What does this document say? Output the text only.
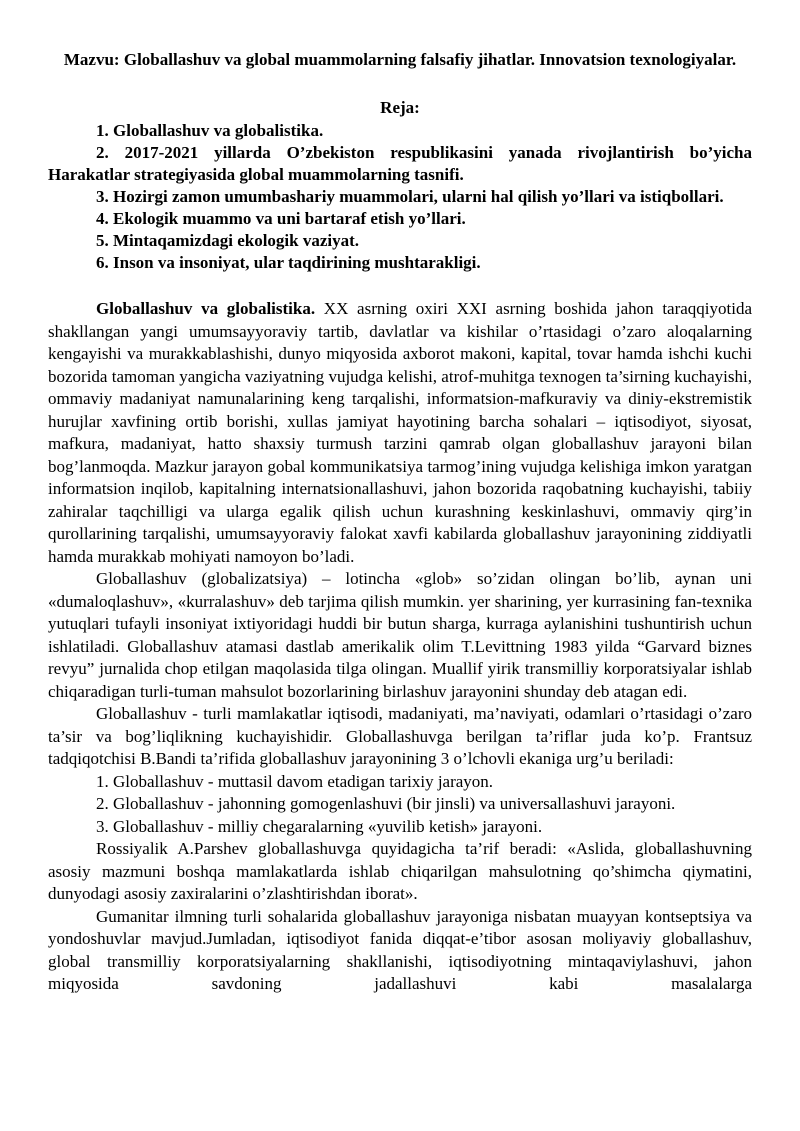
Mazvu: Globallashuv va global muammolarning falsafiy jihatlar. Innovatsion texnologiyalar.

Reja:

1. Globallashuv va globalistika.
2. 2017-2021 yillarda O’zbekiston respublikasini yanada rivojlantirish bo’yicha Harakatlar strategiyasida global muammolarning tasnifi.
3. Hozirgi zamon umumbashariy muammolari, ularni hal qilish yo’llari va istiqbollari.
4. Ekologik muammo va uni bartaraf etish yo’llari.
5. Mintaqamizdagi ekologik vaziyat.
6. Inson va insoniyat, ular taqdirining mushtarakligi.

Globallashuv va globalistika. XX asrning oxiri XXI asrning boshida jahon taraqqiyotida shakllangan yangi umumsayyoraviy tartib, davlatlar va kishilar o’rtasidagi o’zaro aloqalarning kengayishi va murakkablashishi, dunyo miqyosida axborot makoni, kapital, tovar hamda ishchi kuchi bozorida tamoman yangicha vaziyatning vujudga kelishi, atrof-muhitga texnogen ta’sirning kuchayishi, ommaviy madaniyat namunalarining keng tarqalishi, informatsion-mafkuraviy va diniy-ekstremistik hurujlar xavfining ortib borishi, xullas jamiyat hayotining barcha sohalari – iqtisodiyot, siyosat, mafkura, madaniyat, hatto shaxsiy turmush tarzini qamrab olgan globallashuv jarayoni bilan bog’lanmoqda. Mazkur jarayon gobal kommunikatsiya tarmog’ining vujudga kelishiga imkon yaratgan informatsion inqilob, kapitalning internatsionallashuvi, jahon bozorida raqobatning kuchayishi, tabiiy zahiralar taqchilligi va ularga egalik qilish uchun kurashning keskinlashuvi, ommaviy qirg’in qurollarining tarqalishi, umumsayyoraviy falokat xavfi kabilarda globallashuv jarayonining ziddiyatli hamda murakkab mohiyati namoyon bo’ladi.

Globallashuv (globalizatsiya) – lotincha «glob» so’zidan olingan bo’lib, aynan uni «dumaloqlashuv», «kurralashuv» deb tarjima qilish mumkin. yer sharining, yer kurrasining fan-texnika yutuqlari tufayli insoniyat ixtiyoridagi huddi bir butun sharga, kurraga aylanishini tushuntirish uchun ishlatiladi. Globallashuv atamasi dastlab amerikalik olim T.Levittning 1983 yilda “Garvard biznes revyu” jurnalida chop etilgan maqolasida tilga olingan. Muallif yirik transmilliy korporatsiyalar ishlab chiqaradigan turli-tuman mahsulot bozorlarining birlashuv jarayonini shunday deb atagan edi.

Globallashuv - turli mamlakatlar iqtisodi, madaniyati, ma’naviyati, odamlari o’rtasidagi o’zaro ta’sir va bog’liqlikning kuchayishidir. Globallashuvga berilgan ta’riflar juda ko’p. Frantsuz tadqiqotchisi B.Bandi ta’rifida globallashuv jarayonining 3 o’lchovli ekaniga urg’u beriladi:

1. Globallashuv - muttasil davom etadigan tarixiy jarayon.

2. Globallashuv - jahonning gomogenlashuvi (bir jinsli) va universallashuvi jarayoni.

3. Globallashuv - milliy chegaralarning «yuvilib ketish» jarayoni.

Rossiyalik A.Parshev globallashuvga quyidagicha ta’rif beradi: «Aslida, globallashuvning asosiy mazmuni boshqa mamlakatlarda ishlab chiqarilgan mahsulotning qo’shimcha qiymatini, dunyodagi asosiy zaxiralarini o’zlashtirishdan iborat».

Gumanitar ilmning turli sohalarida globallashuv jarayoniga nisbatan muayyan kontseptsiya va yondoshuvlar mavjud.Jumladan, iqtisodiyot fanida diqqat-e’tibor asosan moliyaviy globallashuv, global transmilliy korporatsiyalarning shakllanishi, iqtisodiyotning mintaqaviylashuvi, jahon miqyosida savdoning jadallashuvi kabi masalalarga
